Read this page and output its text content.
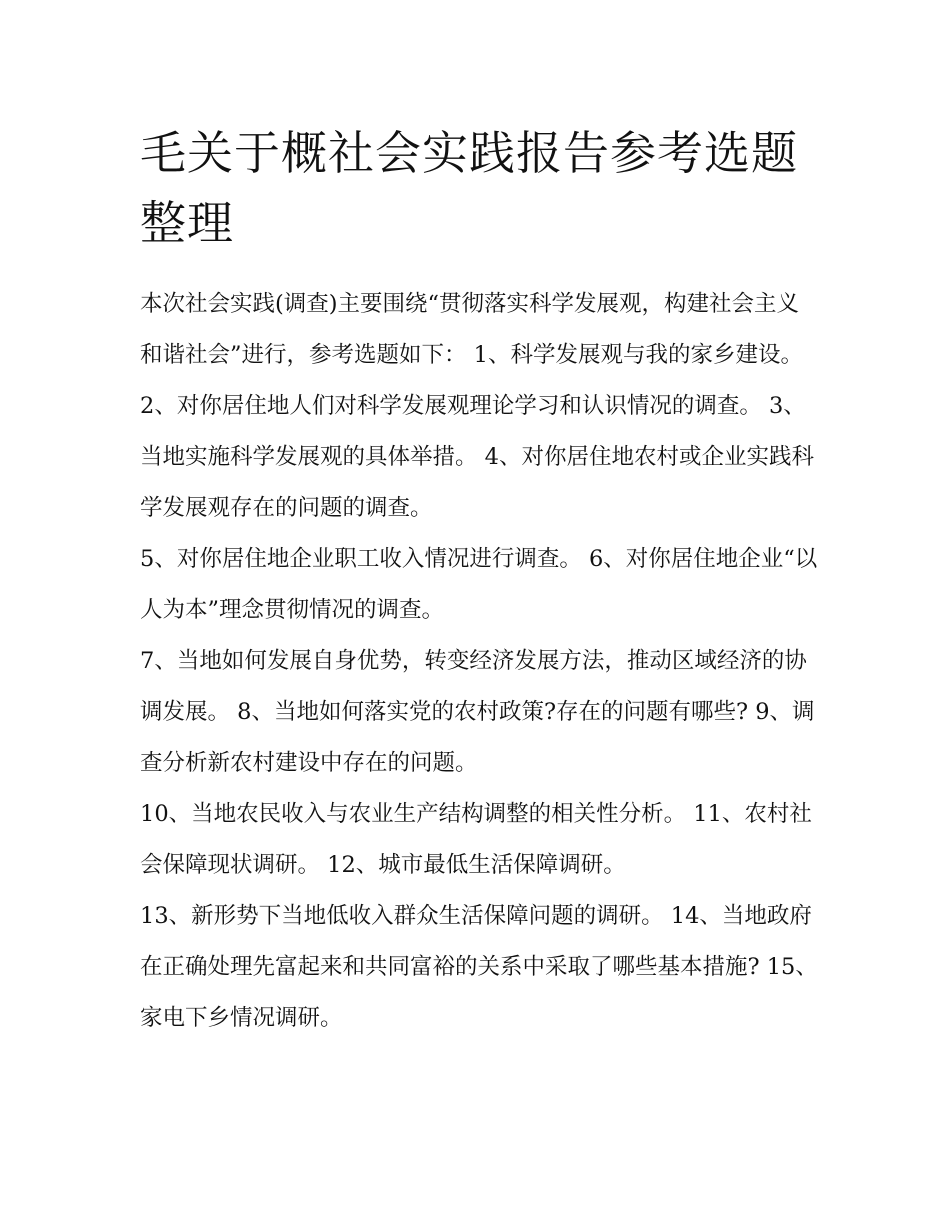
毛关于概社会实践报告参考选题整理

本次社会实践(调查)主要围绕“贯彻落实科学发展观，构建社会主义和谐社会”进行，参考选题如下： 1、科学发展观与我的家乡建设。

2、对你居住地人们对科学发展观理论学习和认识情况的调查。 3、当地实施科学发展观的具体举措。 4、对你居住地农村或企业实践科学发展观存在的问题的调查。

5、对你居住地企业职工收入情况进行调查。 6、对你居住地企业“以人为本”理念贯彻情况的调查。

7、当地如何发展自身优势，转变经济发展方法，推动区域经济的协调发展。 8、当地如何落实党的农村政策?存在的问题有哪些? 9、调查分析新农村建设中存在的问题。

10、当地农民收入与农业生产结构调整的相关性分析。 11、农村社会保障现状调研。 12、城市最低生活保障调研。

13、新形势下当地低收入群众生活保障问题的调研。 14、当地政府在正确处理先富起来和共同富裕的关系中采取了哪些基本措施? 15、家电下乡情况调研。
